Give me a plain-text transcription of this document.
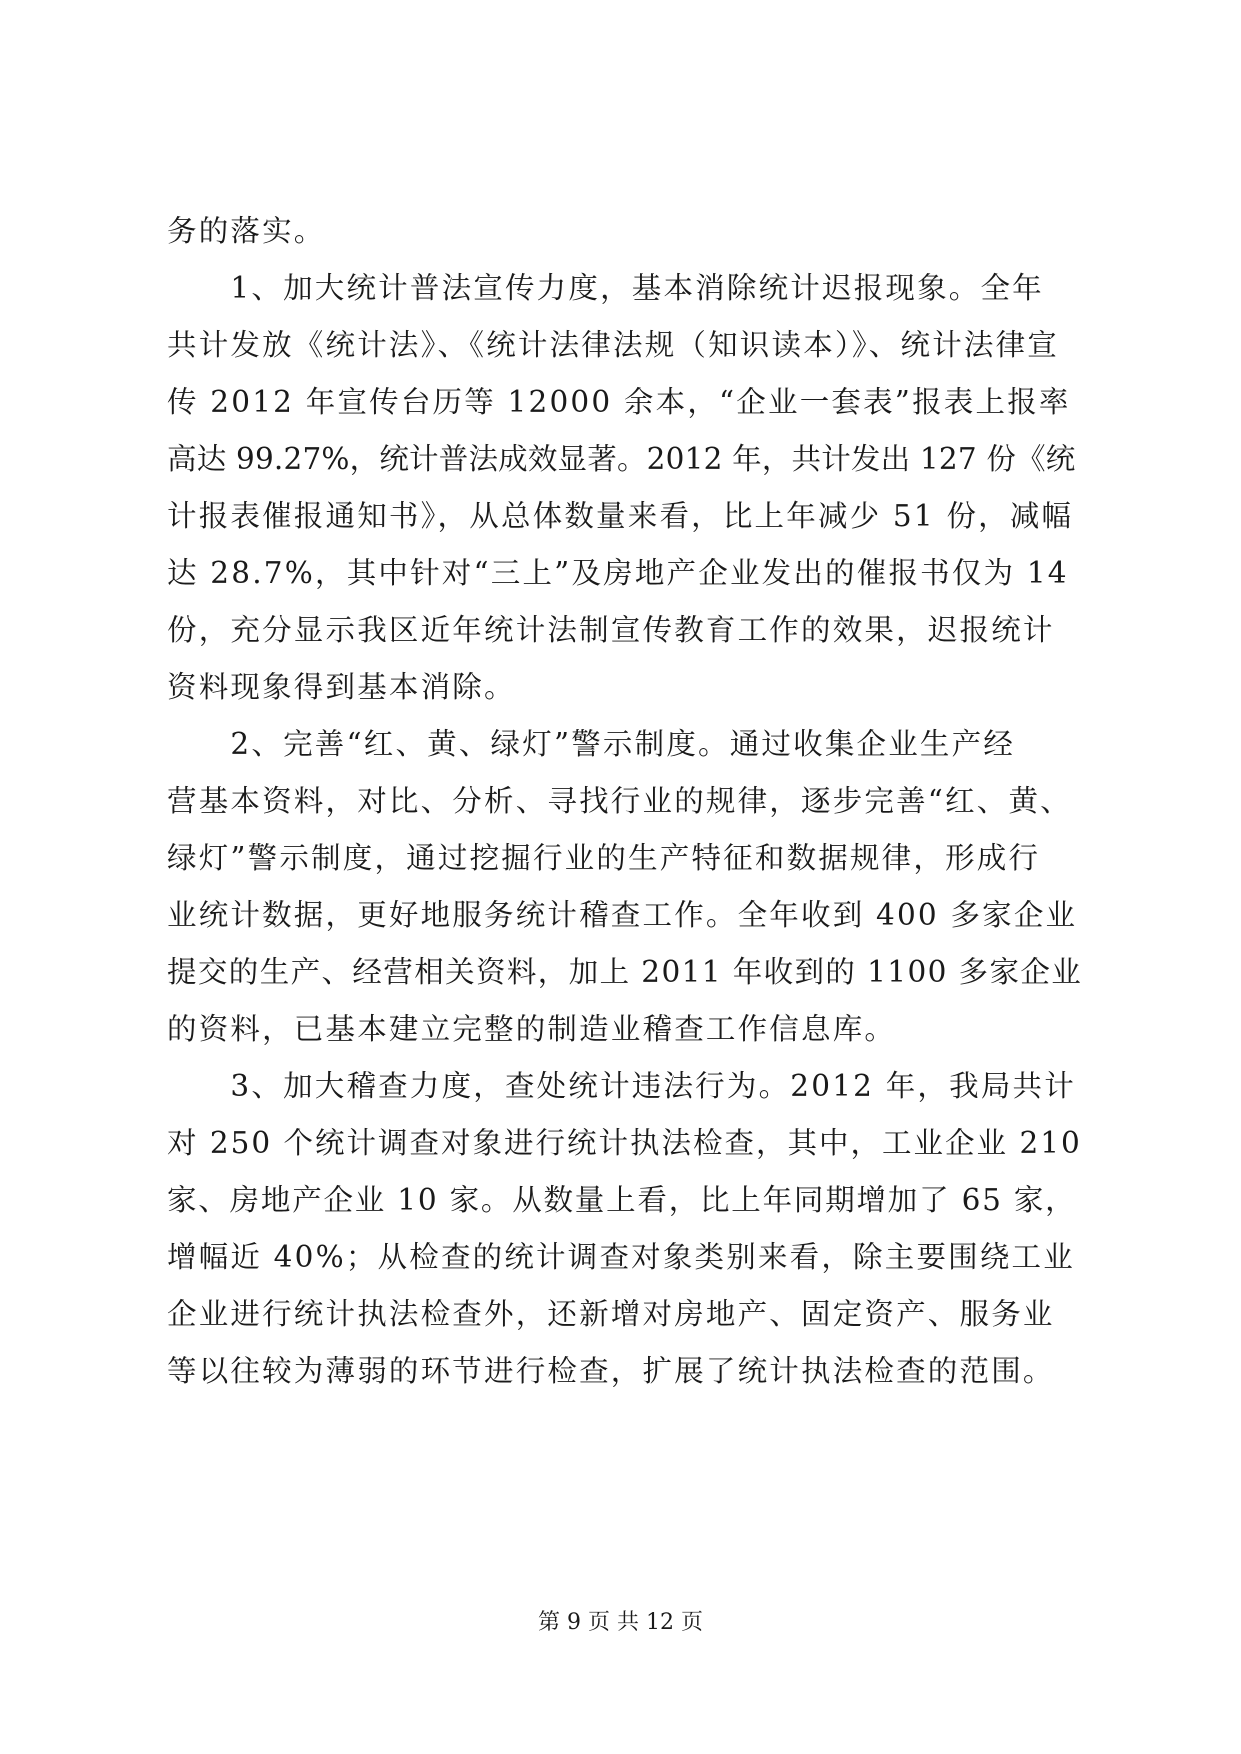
务的落实。
　　1、加大统计普法宣传力度，基本消除统计迟报现象。全年
共计发放《统计法》、《统计法律法规（知识读本）》、统计法律宣
传 2012 年宣传台历等 12000 余本，“企业一套表”报表上报率
高达 99.27%，统计普法成效显著。2012 年，共计发出 127 份《统
计报表催报通知书》，从总体数量来看，比上年减少 51 份，减幅
达 28.7%，其中针对“三上”及房地产企业发出的催报书仅为 14
份，充分显示我区近年统计法制宣传教育工作的效果，迟报统计
资料现象得到基本消除。
　　2、完善“红、黄、绿灯”警示制度。通过收集企业生产经
营基本资料，对比、分析、寻找行业的规律，逐步完善“红、黄、
绿灯”警示制度，通过挖掘行业的生产特征和数据规律，形成行
业统计数据，更好地服务统计稽查工作。全年收到 400 多家企业
提交的生产、经营相关资料，加上 2011 年收到的 1100 多家企业
的资料，已基本建立完整的制造业稽查工作信息库。
　　3、加大稽查力度，查处统计违法行为。2012 年，我局共计
对 250 个统计调查对象进行统计执法检查，其中，工业企业 210
家、房地产企业 10 家。从数量上看，比上年同期增加了 65 家，
增幅近 40%；从检查的统计调查对象类别来看，除主要围绕工业
企业进行统计执法检查外，还新增对房地产、固定资产、服务业
等以往较为薄弱的环节进行检查，扩展了统计执法检查的范围。
第 9 页 共 12 页
